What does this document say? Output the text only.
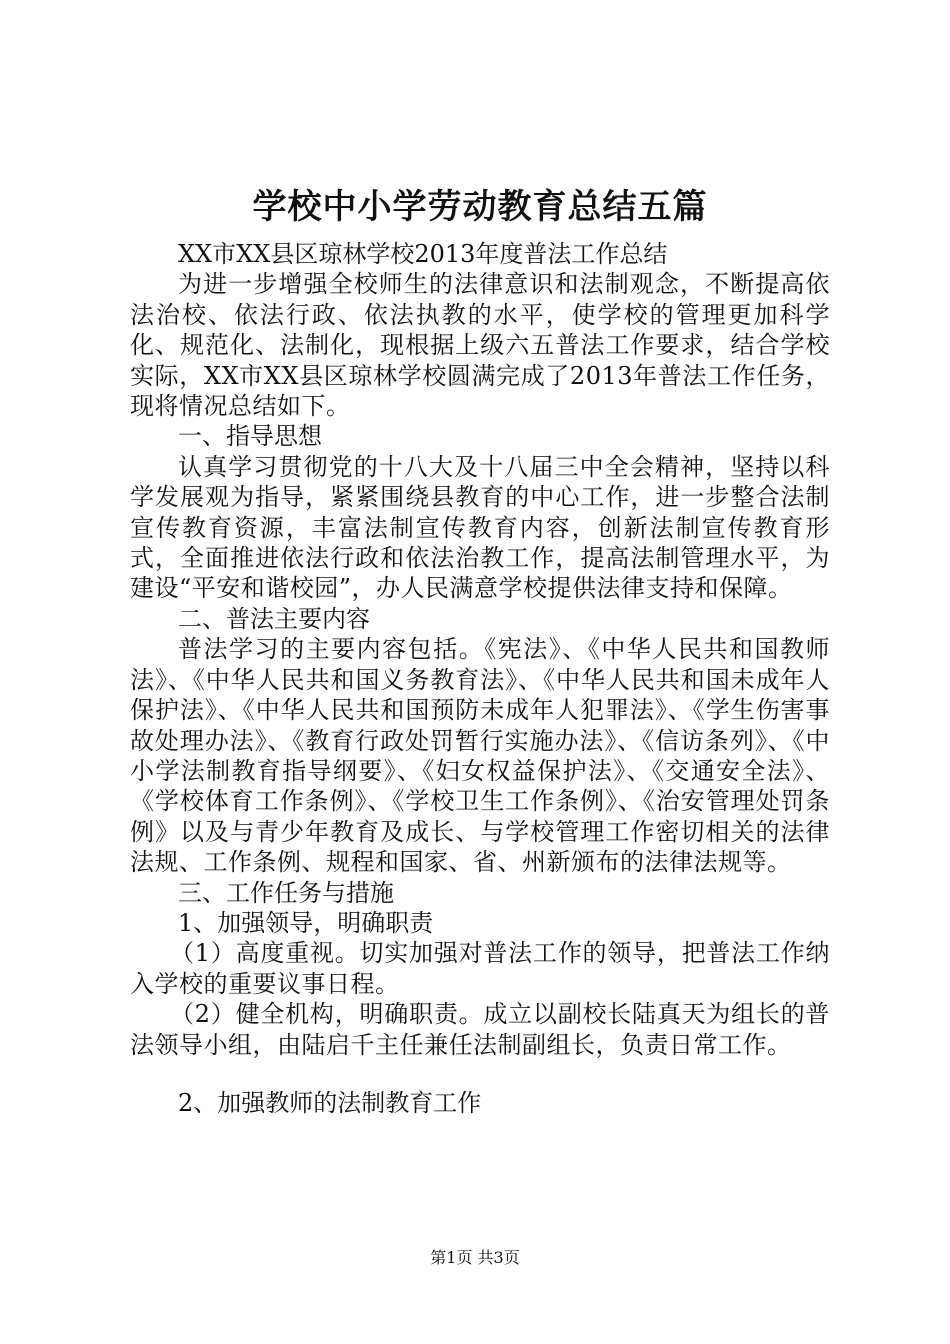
学校中小学劳动教育总结五篇

XX市XX县区琼林学校2013年度普法工作总结

为进一步增强全校师生的法律意识和法制观念，不断提高依法治校、依法行政、依法执教的水平，使学校的管理更加科学化、规范化、法制化，现根据上级六五普法工作要求，结合学校实际，XX市XX县区琼林学校圆满完成了2013年普法工作任务，现将情况总结如下。

一、指导思想

认真学习贯彻党的十八大及十八届三中全会精神，坚持以科学发展观为指导，紧紧围绕县教育的中心工作，进一步整合法制宣传教育资源，丰富法制宣传教育内容，创新法制宣传教育形式，全面推进依法行政和依法治教工作，提高法制管理水平，为建设“平安和谐校园”，办人民满意学校提供法律支持和保障。

二、普法主要内容

普法学习的主要内容包括。《宪法》、《中华人民共和国教师法》、《中华人民共和国义务教育法》、《中华人民共和国未成年人保护法》、《中华人民共和国预防未成年人犯罪法》、《学生伤害事故处理办法》、《教育行政处罚暂行实施办法》、《信访条列》、《中小学法制教育指导纲要》、《妇女权益保护法》、《交通安全法》、《学校体育工作条例》、《学校卫生工作条例》、《治安管理处罚条例》以及与青少年教育及成长、与学校管理工作密切相关的法律法规、工作条例、规程和国家、省、州新颁布的法律法规等。

三、工作任务与措施

1、加强领导，明确职责

（1）高度重视。切实加强对普法工作的领导，把普法工作纳入学校的重要议事日程。

（2）健全机构，明确职责。成立以副校长陆真天为组长的普法领导小组，由陆启千主任兼任法制副组长，负责日常工作。

2、加强教师的法制教育工作

第1页 共3页
